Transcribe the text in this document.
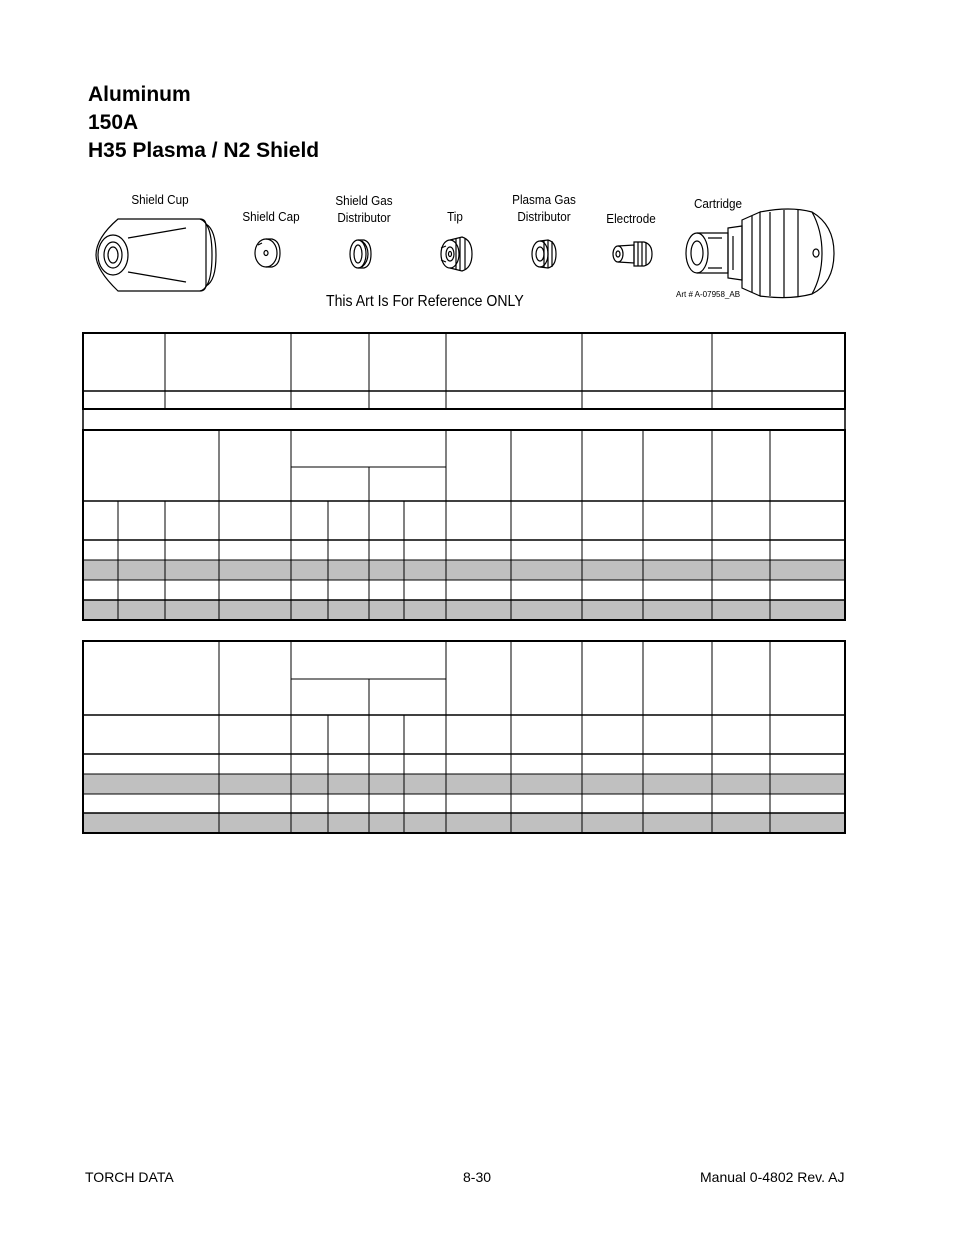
Aluminum
150A
H35 Plasma / N2 Shield
Shield Cup
Shield Cap
Shield Gas
Distributor	Tip
Plasma Gas
Distributor	Electrode
Cartridge
This Art Is For Reference ONLY	Art # A-07958_AB
TORCH DATA	8-30	Manual 0-4802 Rev. AJ
